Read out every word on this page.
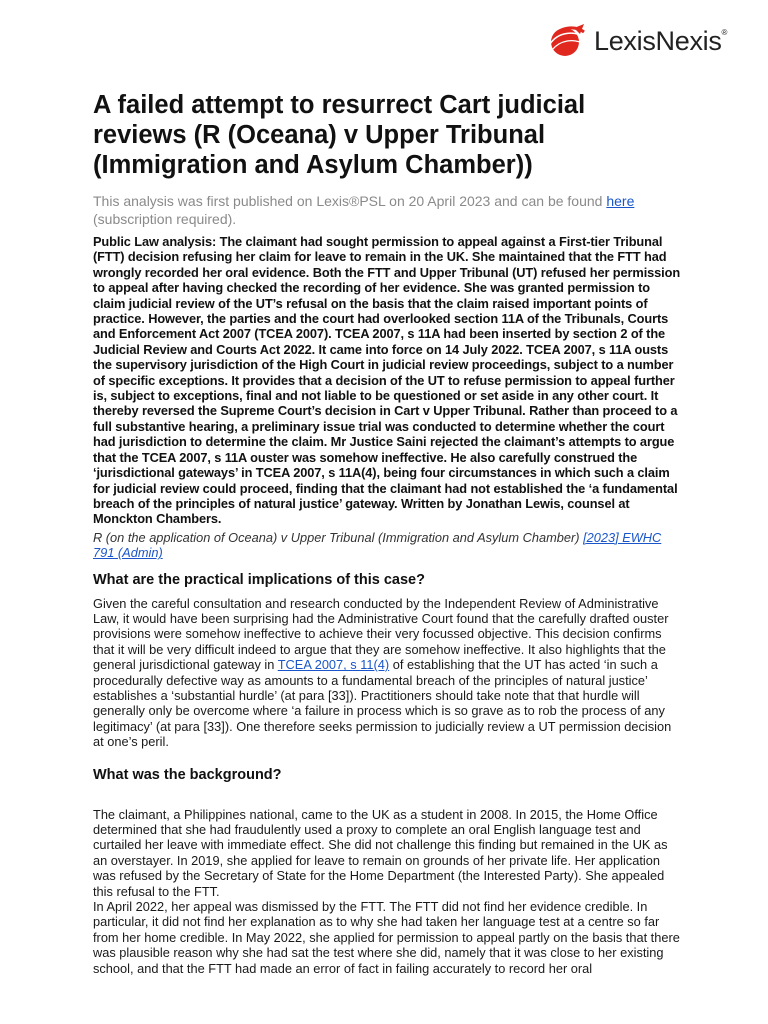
LexisNexis®
A failed attempt to resurrect Cart judicial reviews (R (Oceana) v Upper Tribunal (Immigration and Asylum Chamber))

This analysis was first published on Lexis®PSL on 20 April 2023 and can be found here (subscription required).

Public Law analysis: The claimant had sought permission to appeal against a First-tier Tribunal (FTT) decision refusing her claim for leave to remain in the UK. She maintained that the FTT had wrongly recorded her oral evidence. Both the FTT and Upper Tribunal (UT) refused her permission to appeal after having checked the recording of her evidence. She was granted permission to claim judicial review of the UT’s refusal on the basis that the claim raised important points of practice. However, the parties and the court had overlooked section 11A of the Tribunals, Courts and Enforcement Act 2007 (TCEA 2007). TCEA 2007, s 11A had been inserted by section 2 of the Judicial Review and Courts Act 2022. It came into force on 14 July 2022. TCEA 2007, s 11A ousts the supervisory jurisdiction of the High Court in judicial review proceedings, subject to a number of specific exceptions. It provides that a decision of the UT to refuse permission to appeal further is, subject to exceptions, final and not liable to be questioned or set aside in any other court. It thereby reversed the Supreme Court’s decision in Cart v Upper Tribunal. Rather than proceed to a full substantive hearing, a preliminary issue trial was conducted to determine whether the court had jurisdiction to determine the claim. Mr Justice Saini rejected the claimant’s attempts to argue that the TCEA 2007, s 11A ouster was somehow ineffective. He also carefully construed the ‘jurisdictional gateways’ in TCEA 2007, s 11A(4), being four circumstances in which such a claim for judicial review could proceed, finding that the claimant had not established the ‘a fundamental breach of the principles of natural justice’ gateway. Written by Jonathan Lewis, counsel at Monckton Chambers.

R (on the application of Oceana) v Upper Tribunal (Immigration and Asylum Chamber) [2023] EWHC 791 (Admin)

What are the practical implications of this case?

Given the careful consultation and research conducted by the Independent Review of Administrative Law, it would have been surprising had the Administrative Court found that the carefully drafted ouster provisions were somehow ineffective to achieve their very focussed objective. This decision confirms that it will be very difficult indeed to argue that they are somehow ineffective. It also highlights that the general jurisdictional gateway in TCEA 2007, s 11(4) of establishing that the UT has acted ‘in such a procedurally defective way as amounts to a fundamental breach of the principles of natural justice’ establishes a ‘substantial hurdle’ (at para [33]). Practitioners should take note that that hurdle will generally only be overcome where ‘a failure in process which is so grave as to rob the process of any legitimacy’ (at para [33]). One therefore seeks permission to judicially review a UT permission decision at one’s peril.

What was the background?

The claimant, a Philippines national, came to the UK as a student in 2008. In 2015, the Home Office determined that she had fraudulently used a proxy to complete an oral English language test and curtailed her leave with immediate effect. She did not challenge this finding but remained in the UK as an overstayer. In 2019, she applied for leave to remain on grounds of her private life. Her application was refused by the Secretary of State for the Home Department (the Interested Party). She appealed this refusal to the FTT.

In April 2022, her appeal was dismissed by the FTT. The FTT did not find her evidence credible. In particular, it did not find her explanation as to why she had taken her language test at a centre so far from her home credible. In May 2022, she applied for permission to appeal partly on the basis that there was plausible reason why she had sat the test where she did, namely that it was close to her existing school, and that the FTT had made an error of fact in failing accurately to record her oral
